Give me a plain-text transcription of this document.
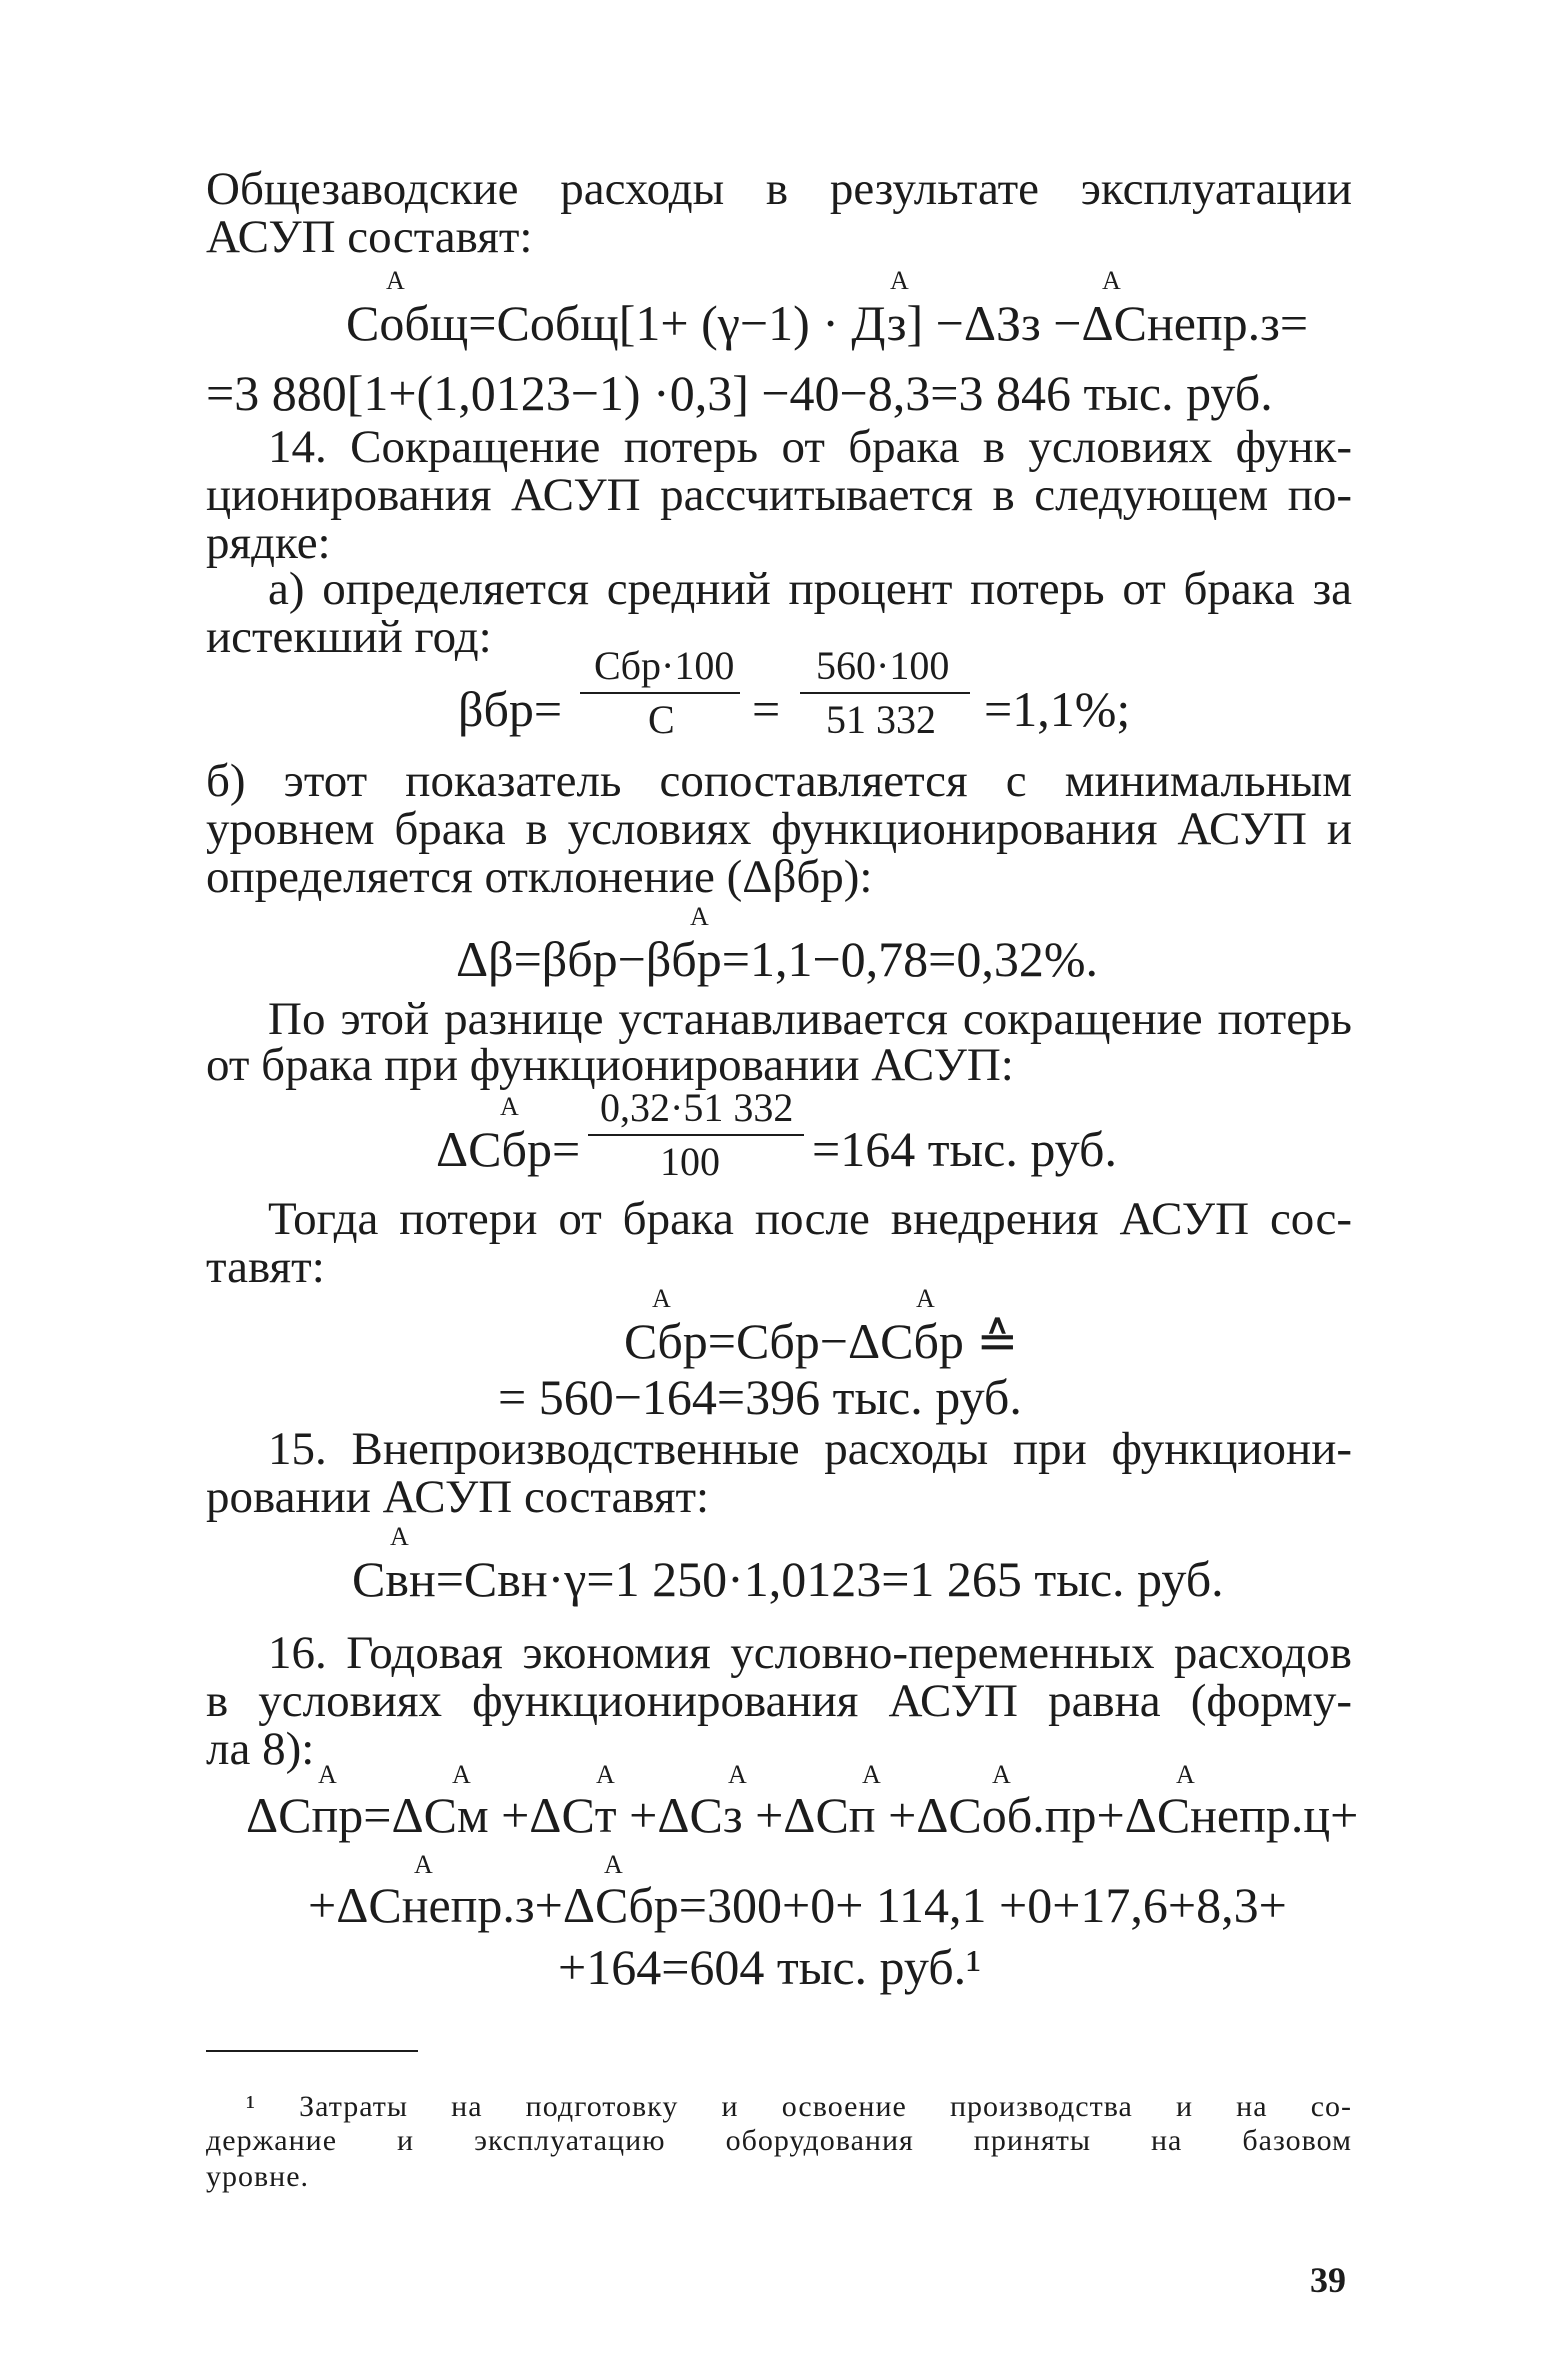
Общезаводские расходы в результате эксплуатации
АСУП составят:
A	A	A
Cобщ=Cобщ[1+ (γ−1) · Дз] −ΔЗз −ΔCнепр.з=
=3 880[1+(1,0123−1) ·0,3] −40−8,3=3 846 тыс. руб.
14. Сокращение потерь от брака в условиях функ-
ционирования АСУП рассчитывается в следующем по-
рядке:
а) определяется средний процент потерь от брака за
истекший год:
βбр=
Cбр·100
C =
560·100
51 332 =1,1%;
б) этот показатель сопоставляется с минимальным
уровнем брака в условиях функционирования АСУП и
определяется отклонение (Δβбр):
A
Δβ=βбр−βбр=1,1−0,78=0,32%.
По этой разнице устанавливается сокращение потерь
от брака при функционировании АСУП:
A
ΔCбр=
0,32·51 332
100 =164 тыс. руб.
Тогда потери от брака после внедрения АСУП сос-
тавят:
A	A
Cбр=Cбр−ΔCбр ≙
= 560−164=396 тыс. руб.
15. Внепроизводственные расходы при функциони-
ровании АСУП составят:
A
Cвн=Cвн·γ=1 250·1,0123=1 265 тыс. руб.
16. Годовая экономия условно-переменных расходов
в условиях функционирования АСУП равна (форму-
ла 8): A	A	A	A	A	A	A
ΔCпр=ΔCм +ΔCт +ΔCз +ΔCп +ΔCоб.пр+ΔCнепр.ц+
A	A
+ΔCнепр.з+ΔCбр=300+0+ 114,1 +0+17,6+8,3+
+164=604 тыс. руб.¹
¹ Затраты на подготовку и освоение производства и на со-
держание и эксплуатацию оборудования приняты на базовом
уровне.
39
